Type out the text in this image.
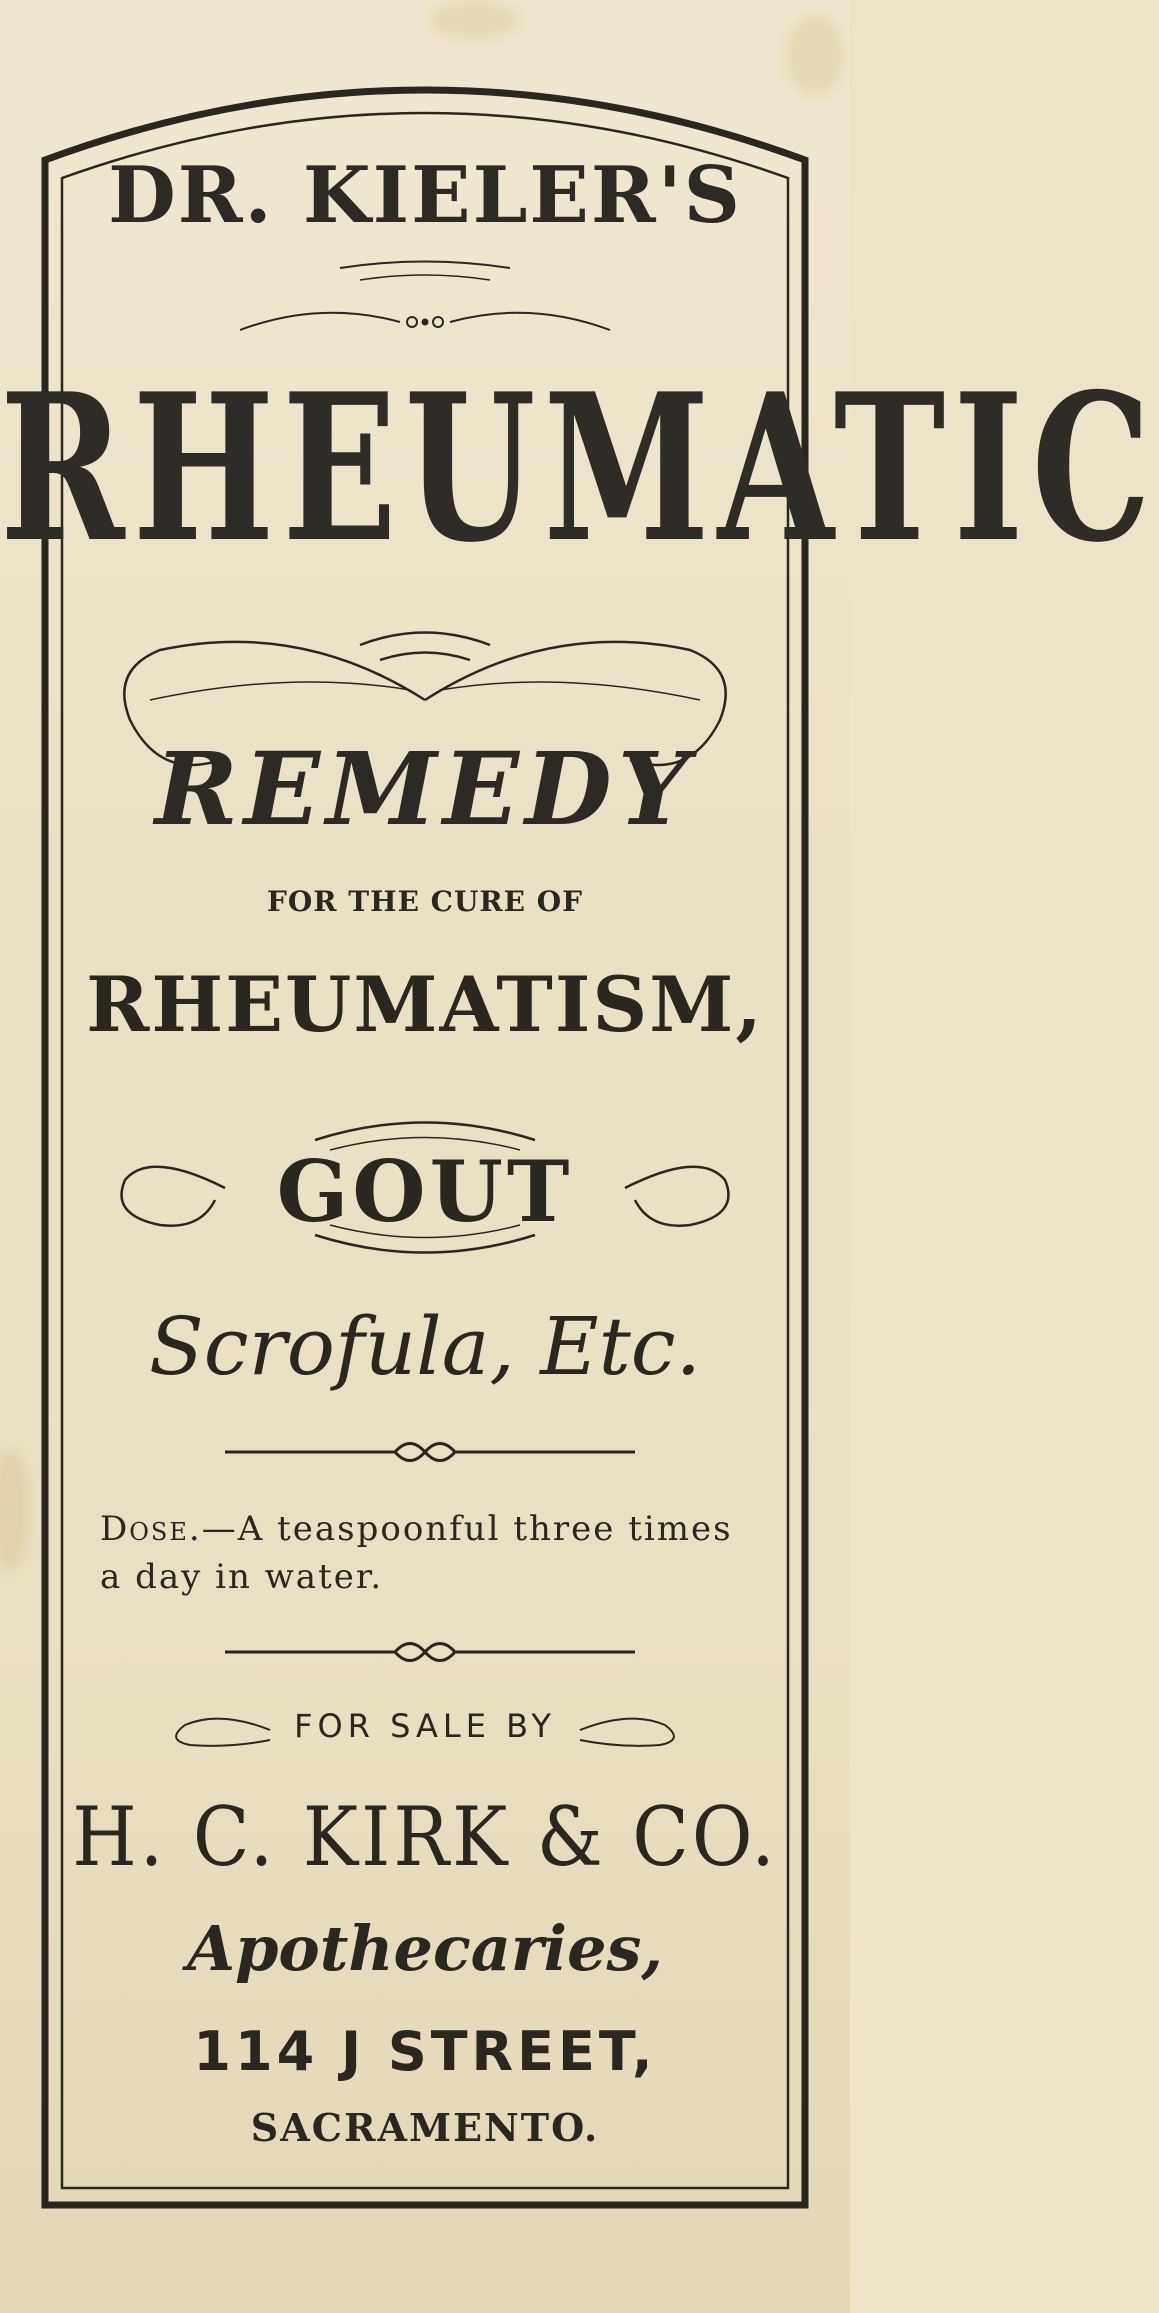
DR. KIELER'S
RHEUMATIC
REMEDY
FOR THE CURE OF
RHEUMATISM,
GOUT
Scrofula, Etc.
Dose.—A teaspoonful three times a day in water.
FOR SALE BY
H. C. KIRK & CO.
Apothecaries,
114 J STREET,
SACRAMENTO.
